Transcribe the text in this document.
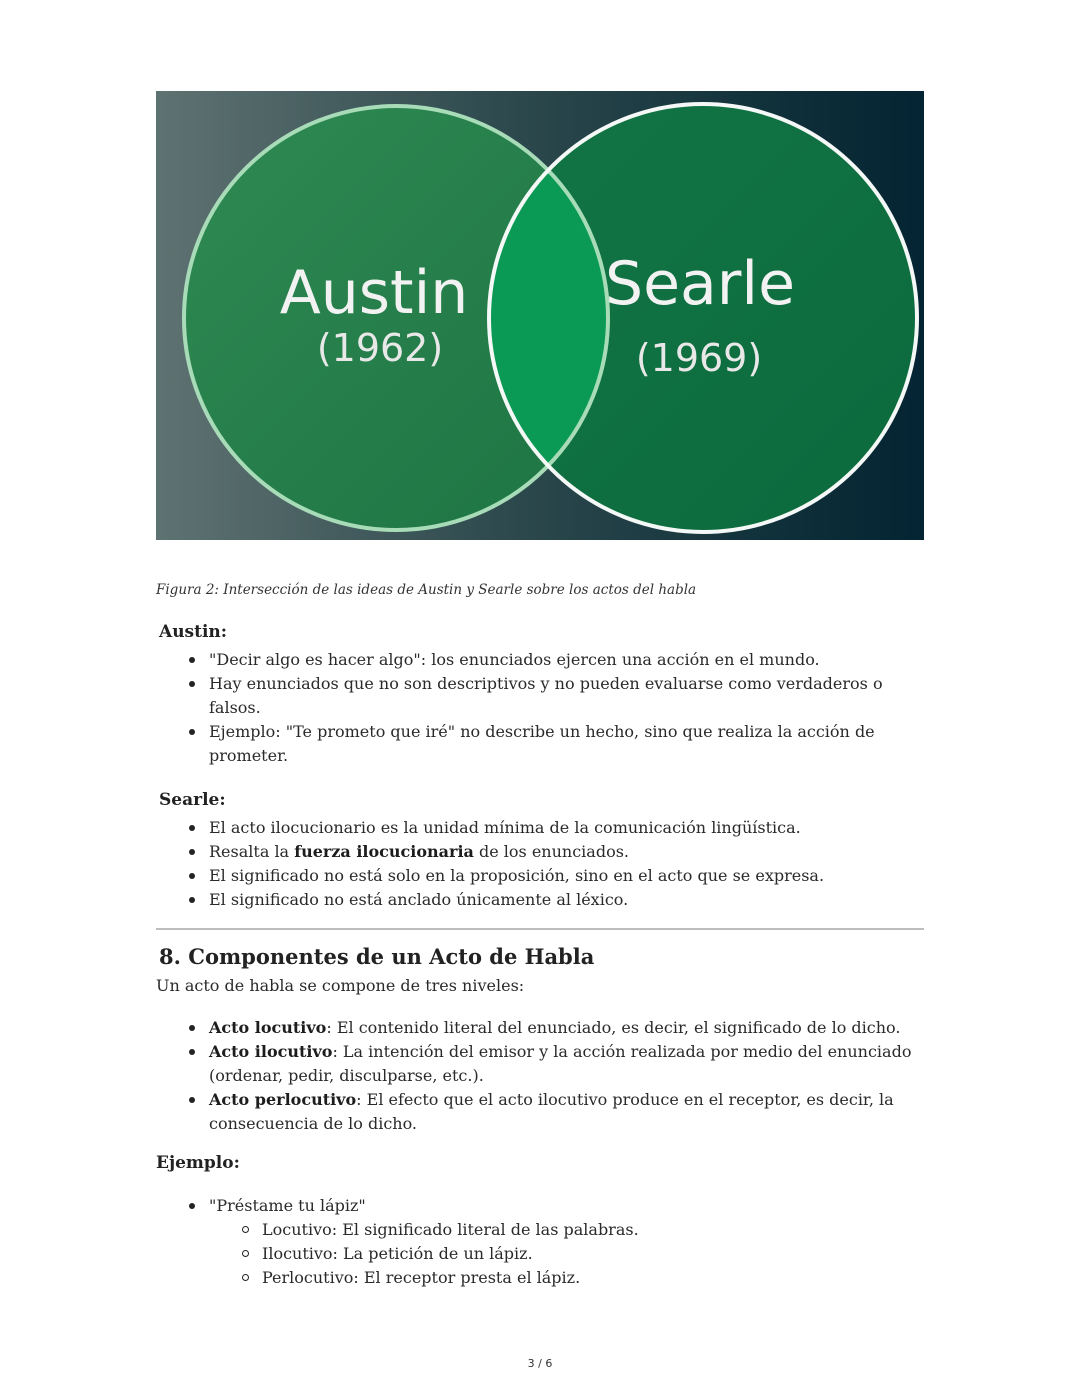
Austin
(1962)
Searle
(1969)
Figura 2: Intersección de las ideas de Austin y Searle sobre los actos del habla
Austin:
"Decir algo es hacer algo": los enunciados ejercen una acción en el mundo.
Hay enunciados que no son descriptivos y no pueden evaluarse como verdaderos o falsos.
Ejemplo: "Te prometo que iré" no describe un hecho, sino que realiza la acción de prometer.
Searle:
El acto ilocucionario es la unidad mínima de la comunicación lingüística.
Resalta la fuerza ilocucionaria de los enunciados.
El significado no está solo en la proposición, sino en el acto que se expresa.
El significado no está anclado únicamente al léxico.
8. Componentes de un Acto de Habla
Un acto de habla se compone de tres niveles:
Acto locutivo: El contenido literal del enunciado, es decir, el significado de lo dicho.
Acto ilocutivo: La intención del emisor y la acción realizada por medio del enunciado (ordenar, pedir, disculparse, etc.).
Acto perlocutivo: El efecto que el acto ilocutivo produce en el receptor, es decir, la consecuencia de lo dicho.
Ejemplo:
"Préstame tu lápiz"
Locutivo: El significado literal de las palabras.
Ilocutivo: La petición de un lápiz.
Perlocutivo: El receptor presta el lápiz.
3 / 6
